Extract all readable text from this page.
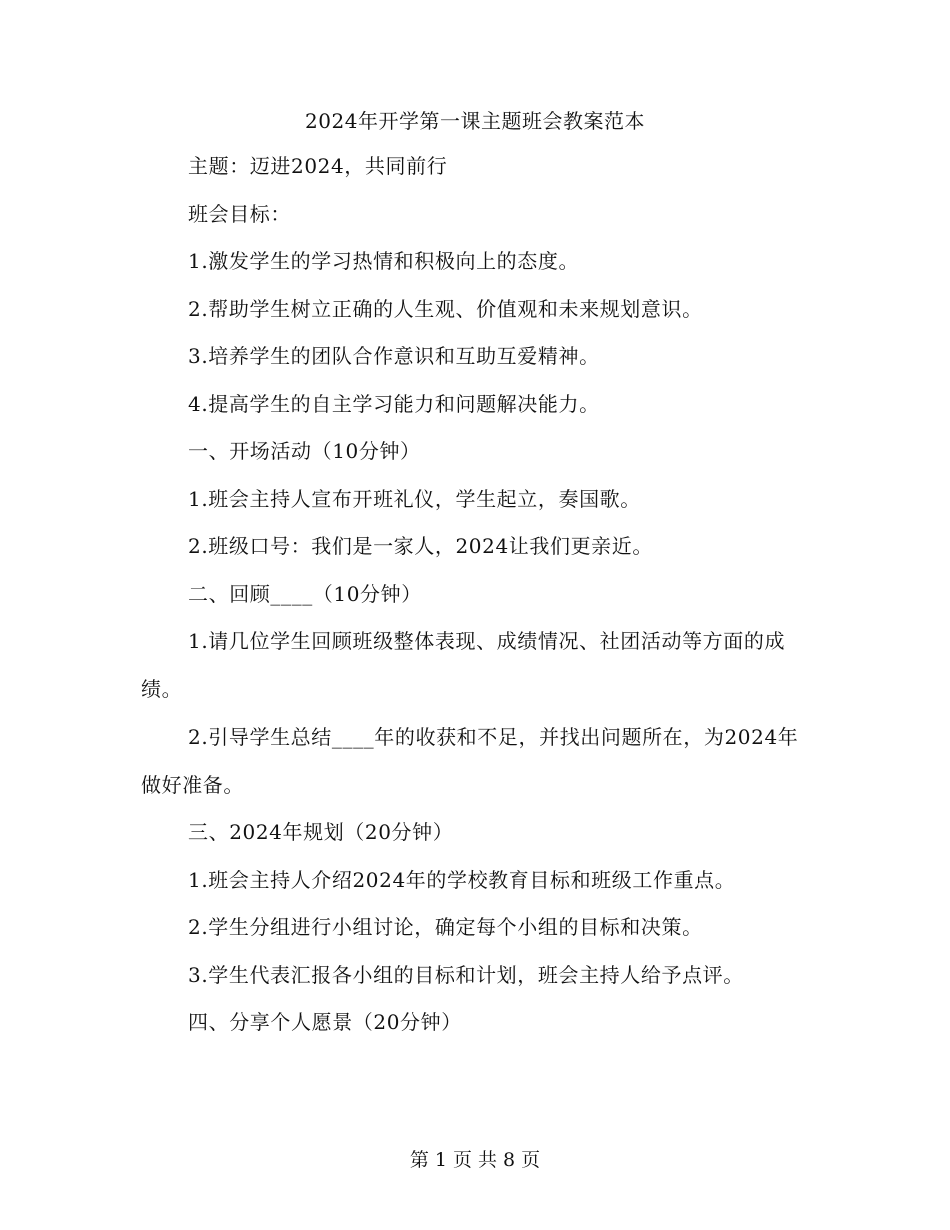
2024年开学第一课主题班会教案范本

主题：迈进2024，共同前行

班会目标：

1.激发学生的学习热情和积极向上的态度。

2.帮助学生树立正确的人生观、价值观和未来规划意识。

3.培养学生的团队合作意识和互助互爱精神。

4.提高学生的自主学习能力和问题解决能力。

一、开场活动（10分钟）

1.班会主持人宣布开班礼仪，学生起立，奏国歌。

2.班级口号：我们是一家人，2024让我们更亲近。

二、回顾____（10分钟）

1.请几位学生回顾班级整体表现、成绩情况、社团活动等方面的成绩。

2.引导学生总结____年的收获和不足，并找出问题所在，为2024年做好准备。

三、2024年规划（20分钟）

1.班会主持人介绍2024年的学校教育目标和班级工作重点。

2.学生分组进行小组讨论，确定每个小组的目标和决策。

3.学生代表汇报各小组的目标和计划，班会主持人给予点评。

四、分享个人愿景（20分钟）

第 1 页 共 8 页
